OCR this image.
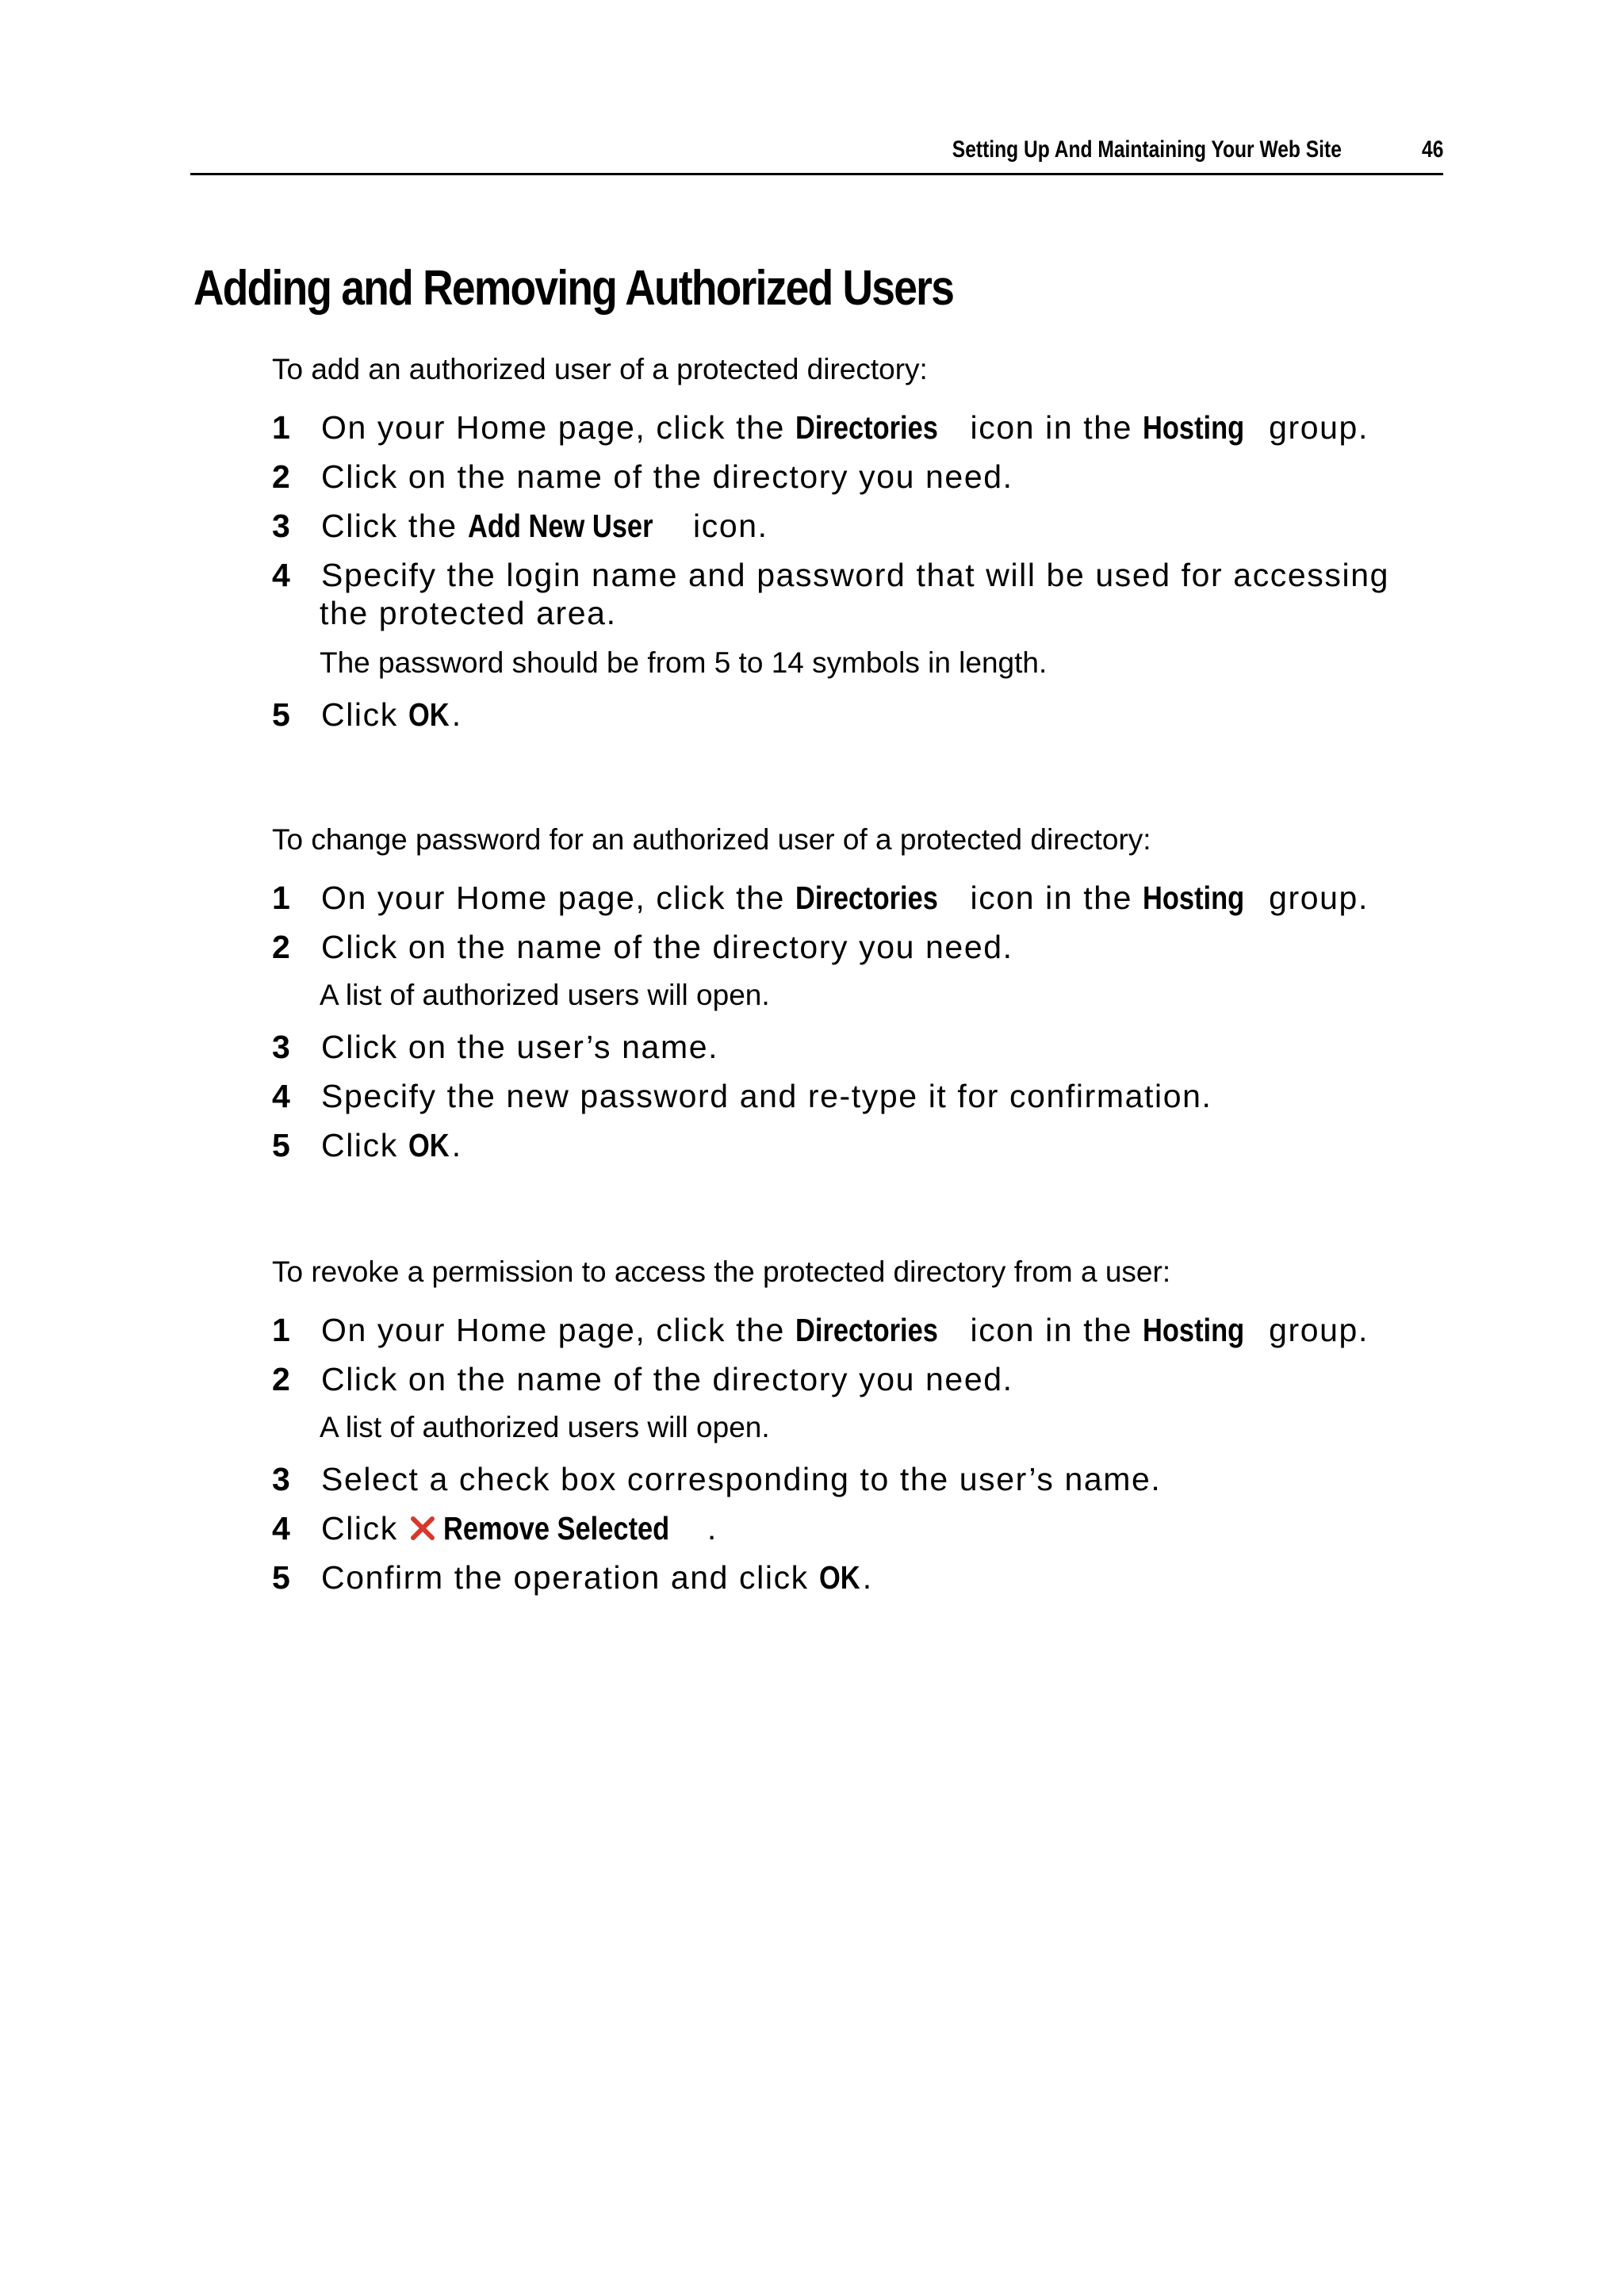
Setting Up And Maintaining Your Web Site	46
Adding and Removing Authorized Users
To add an authorized user of a protected directory:
1 On your Home page, click the Directories icon in the Hosting group.
2 Click on the name of the directory you need.
3 Click the Add New User icon.
4 Specify the login name and password that will be used for accessing
the protected area.
The password should be from 5 to 14 symbols in length.
5 Click OK.
To change password for an authorized user of a protected directory:
1 On your Home page, click the Directories icon in the Hosting group.
2 Click on the name of the directory you need.
A list of authorized users will open.
3 Click on the user’s name.
4 Specify the new password and re-type it for confirmation.
5 Click OK.
To revoke a permission to access the protected directory from a user:
1 On your Home page, click the Directories icon in the Hosting group.
2 Click on the name of the directory you need.
A list of authorized users will open.
3 Select a check box corresponding to the user’s name.
4 Click Remove Selected .
5 Confirm the operation and click OK.
